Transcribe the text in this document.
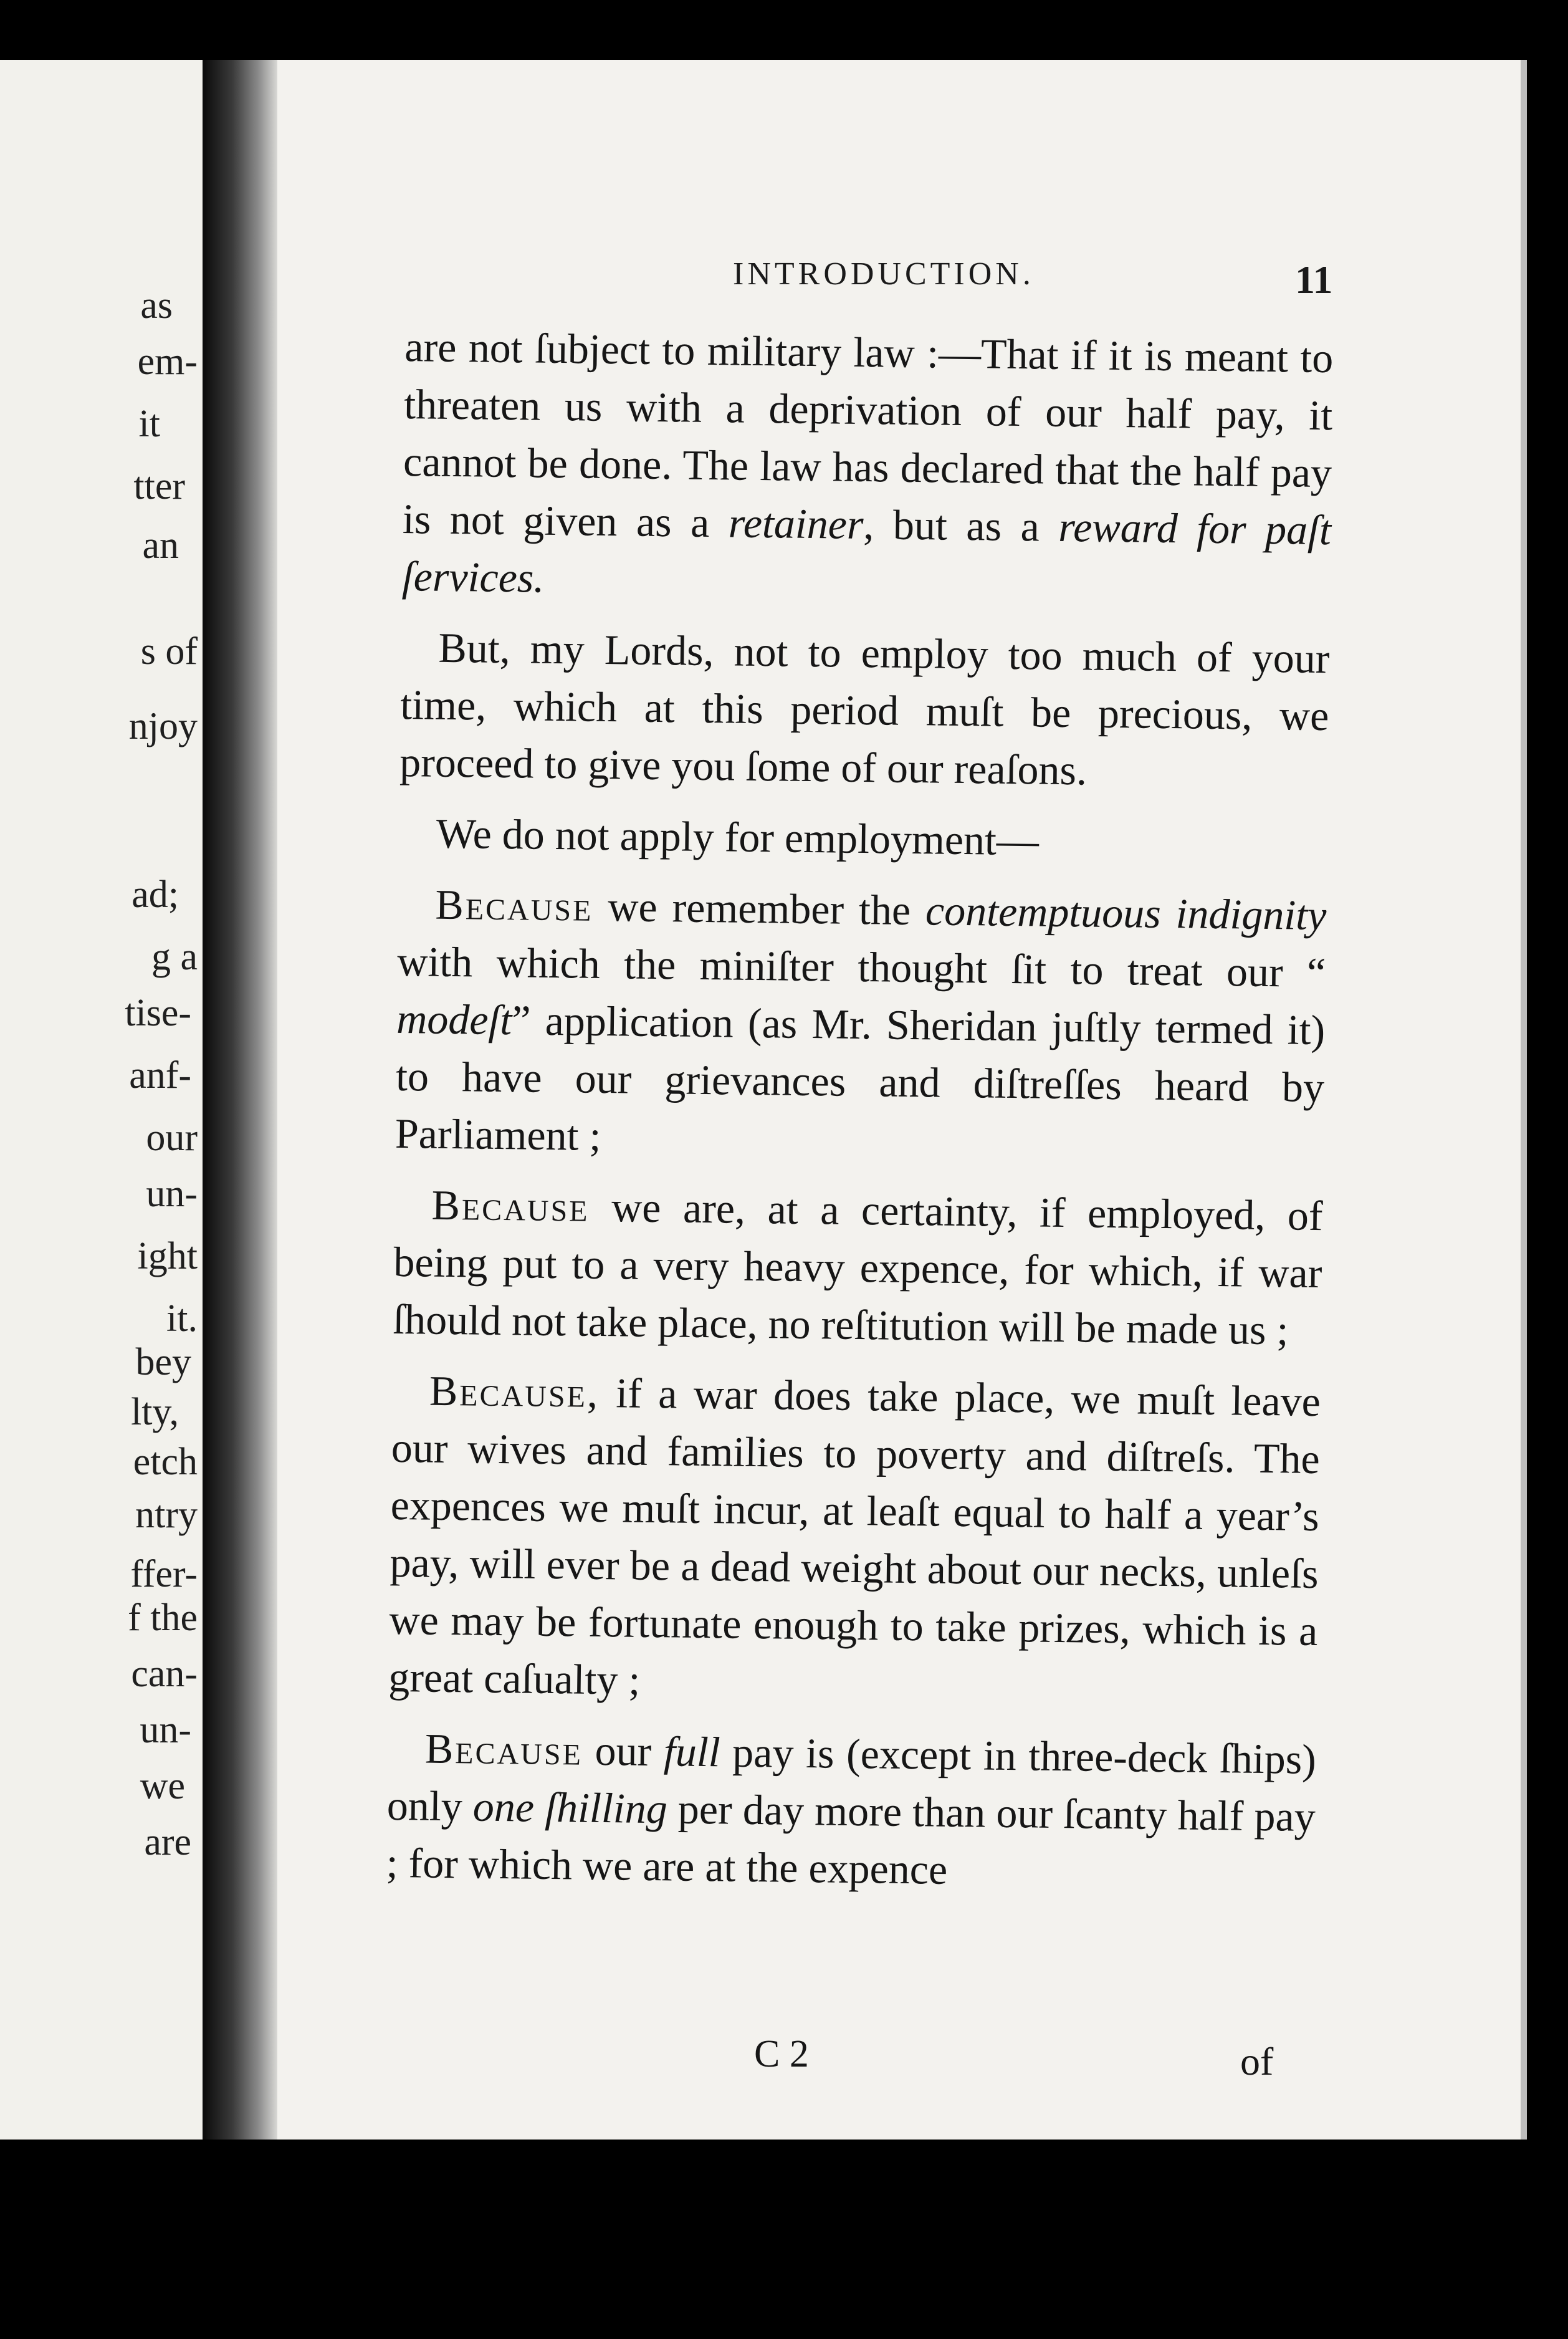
as
em-
it
tter
an
s of
njoy
ad;
g a
tise-
anf-
our
un-
ight
it.
bey
lty,
etch
ntry
ffer-
f the
can-
un-
we
are
INTRODUCTION.	11

are not ſubject to military law :—That if it is meant to threaten us with a deprivation of our half pay, it cannot be done. The law has declared that the half pay is not given as a retainer, but as a reward for paſt ſervices.

But, my Lords, not to employ too much of your time, which at this period muſt be precious, we proceed to give you ſome of our reaſons.

We do not apply for employment—

Because we remember the contemptuous indignity with which the miniſter thought ſit to treat our “ modeſt” application (as Mr. Sheridan juſtly termed it) to have our grievances and diſtreſſes heard by Parliament ;

Because we are, at a certainty, if employed, of being put to a very heavy expence, for which, if war ſhould not take place, no reſtitution will be made us ;

Because, if a war does take place, we muſt leave our wives and families to poverty and diſtreſs. The expences we muſt incur, at leaſt equal to half a year’s pay, will ever be a dead weight about our necks, unleſs we may be fortunate enough to take prizes, which is a great caſualty ;

Because our full pay is (except in three-deck ſhips) only one ſhilling per day more than our ſcanty half pay ; for which we are at the expence

C 2	of
